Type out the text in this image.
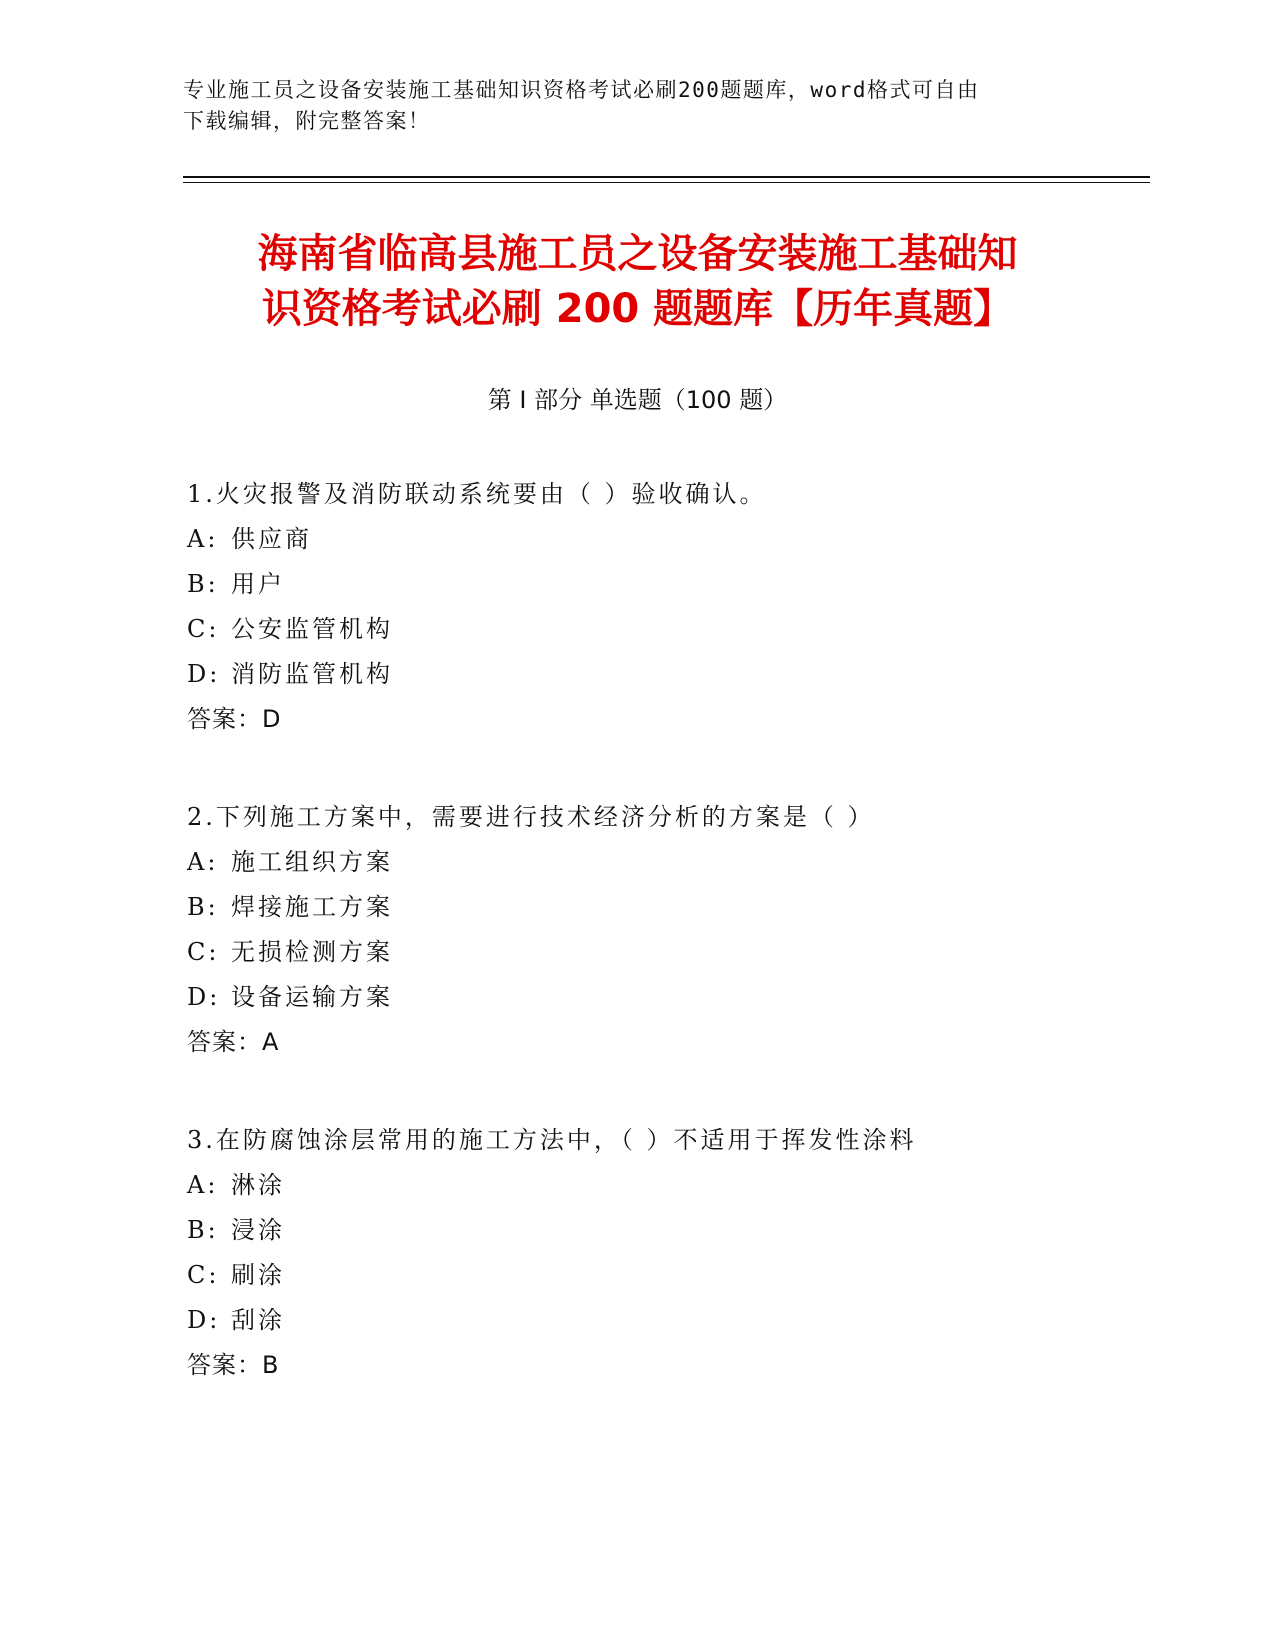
专业施工员之设备安装施工基础知识资格考试必刷200题题库，word格式可自由
下载编辑，附完整答案！
海南省临高县施工员之设备安装施工基础知
识资格考试必刷 200 题题库【历年真题】
第 I 部分 单选题（100 题）
1.火灾报警及消防联动系统要由（ ）验收确认。
A: 供应商
B: 用户
C: 公安监管机构
D: 消防监管机构
答案：D
2.下列施工方案中，需要进行技术经济分析的方案是（ ）
A: 施工组织方案
B: 焊接施工方案
C: 无损检测方案
D: 设备运输方案
答案：A
3.在防腐蚀涂层常用的施工方法中，（ ）不适用于挥发性涂料
A: 淋涂
B: 浸涂
C: 刷涂
D: 刮涂
答案：B
